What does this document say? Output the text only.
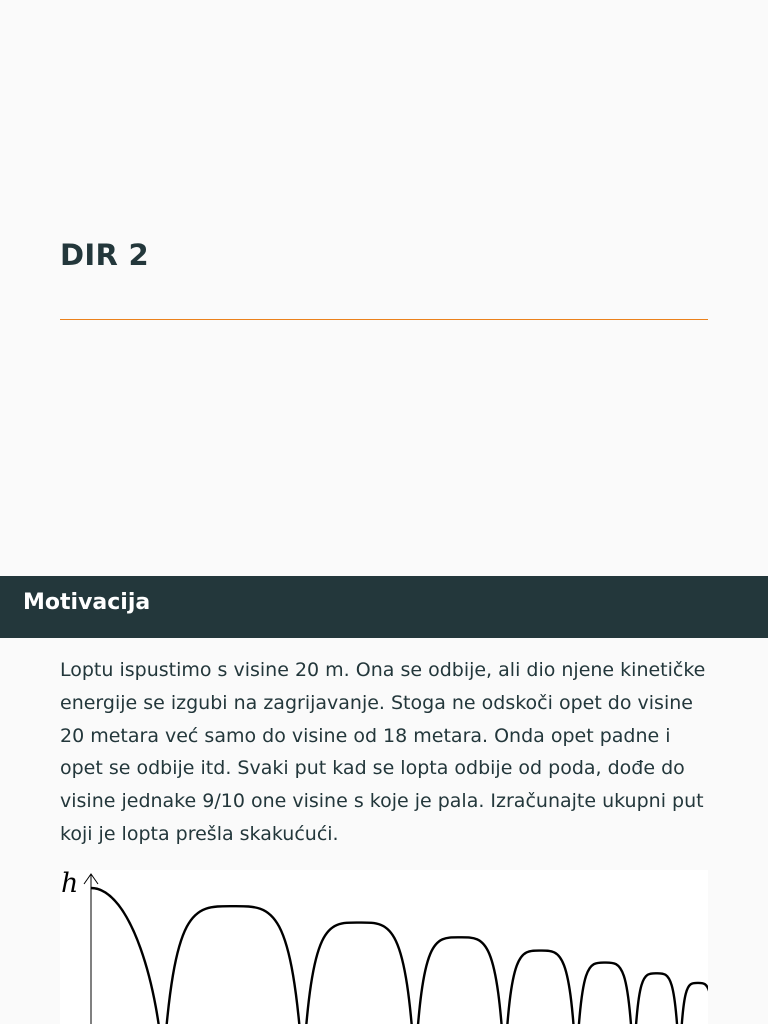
DIR 2
Motivacija

Loptu ispustimo s visine 20 m. Ona se odbije, ali dio njene kinetičke energije se izgubi na zagrijavanje. Stoga ne odskoči opet do visine 20 metara već samo do visine od 18 metara. Onda opet padne i opet se odbije itd. Svaki put kad se lopta odbije od poda, dođe do visine jednake 9/10 one visine s koje je pala. Izračunajte ukupni put koji je lopta prešla skakućući.

h
